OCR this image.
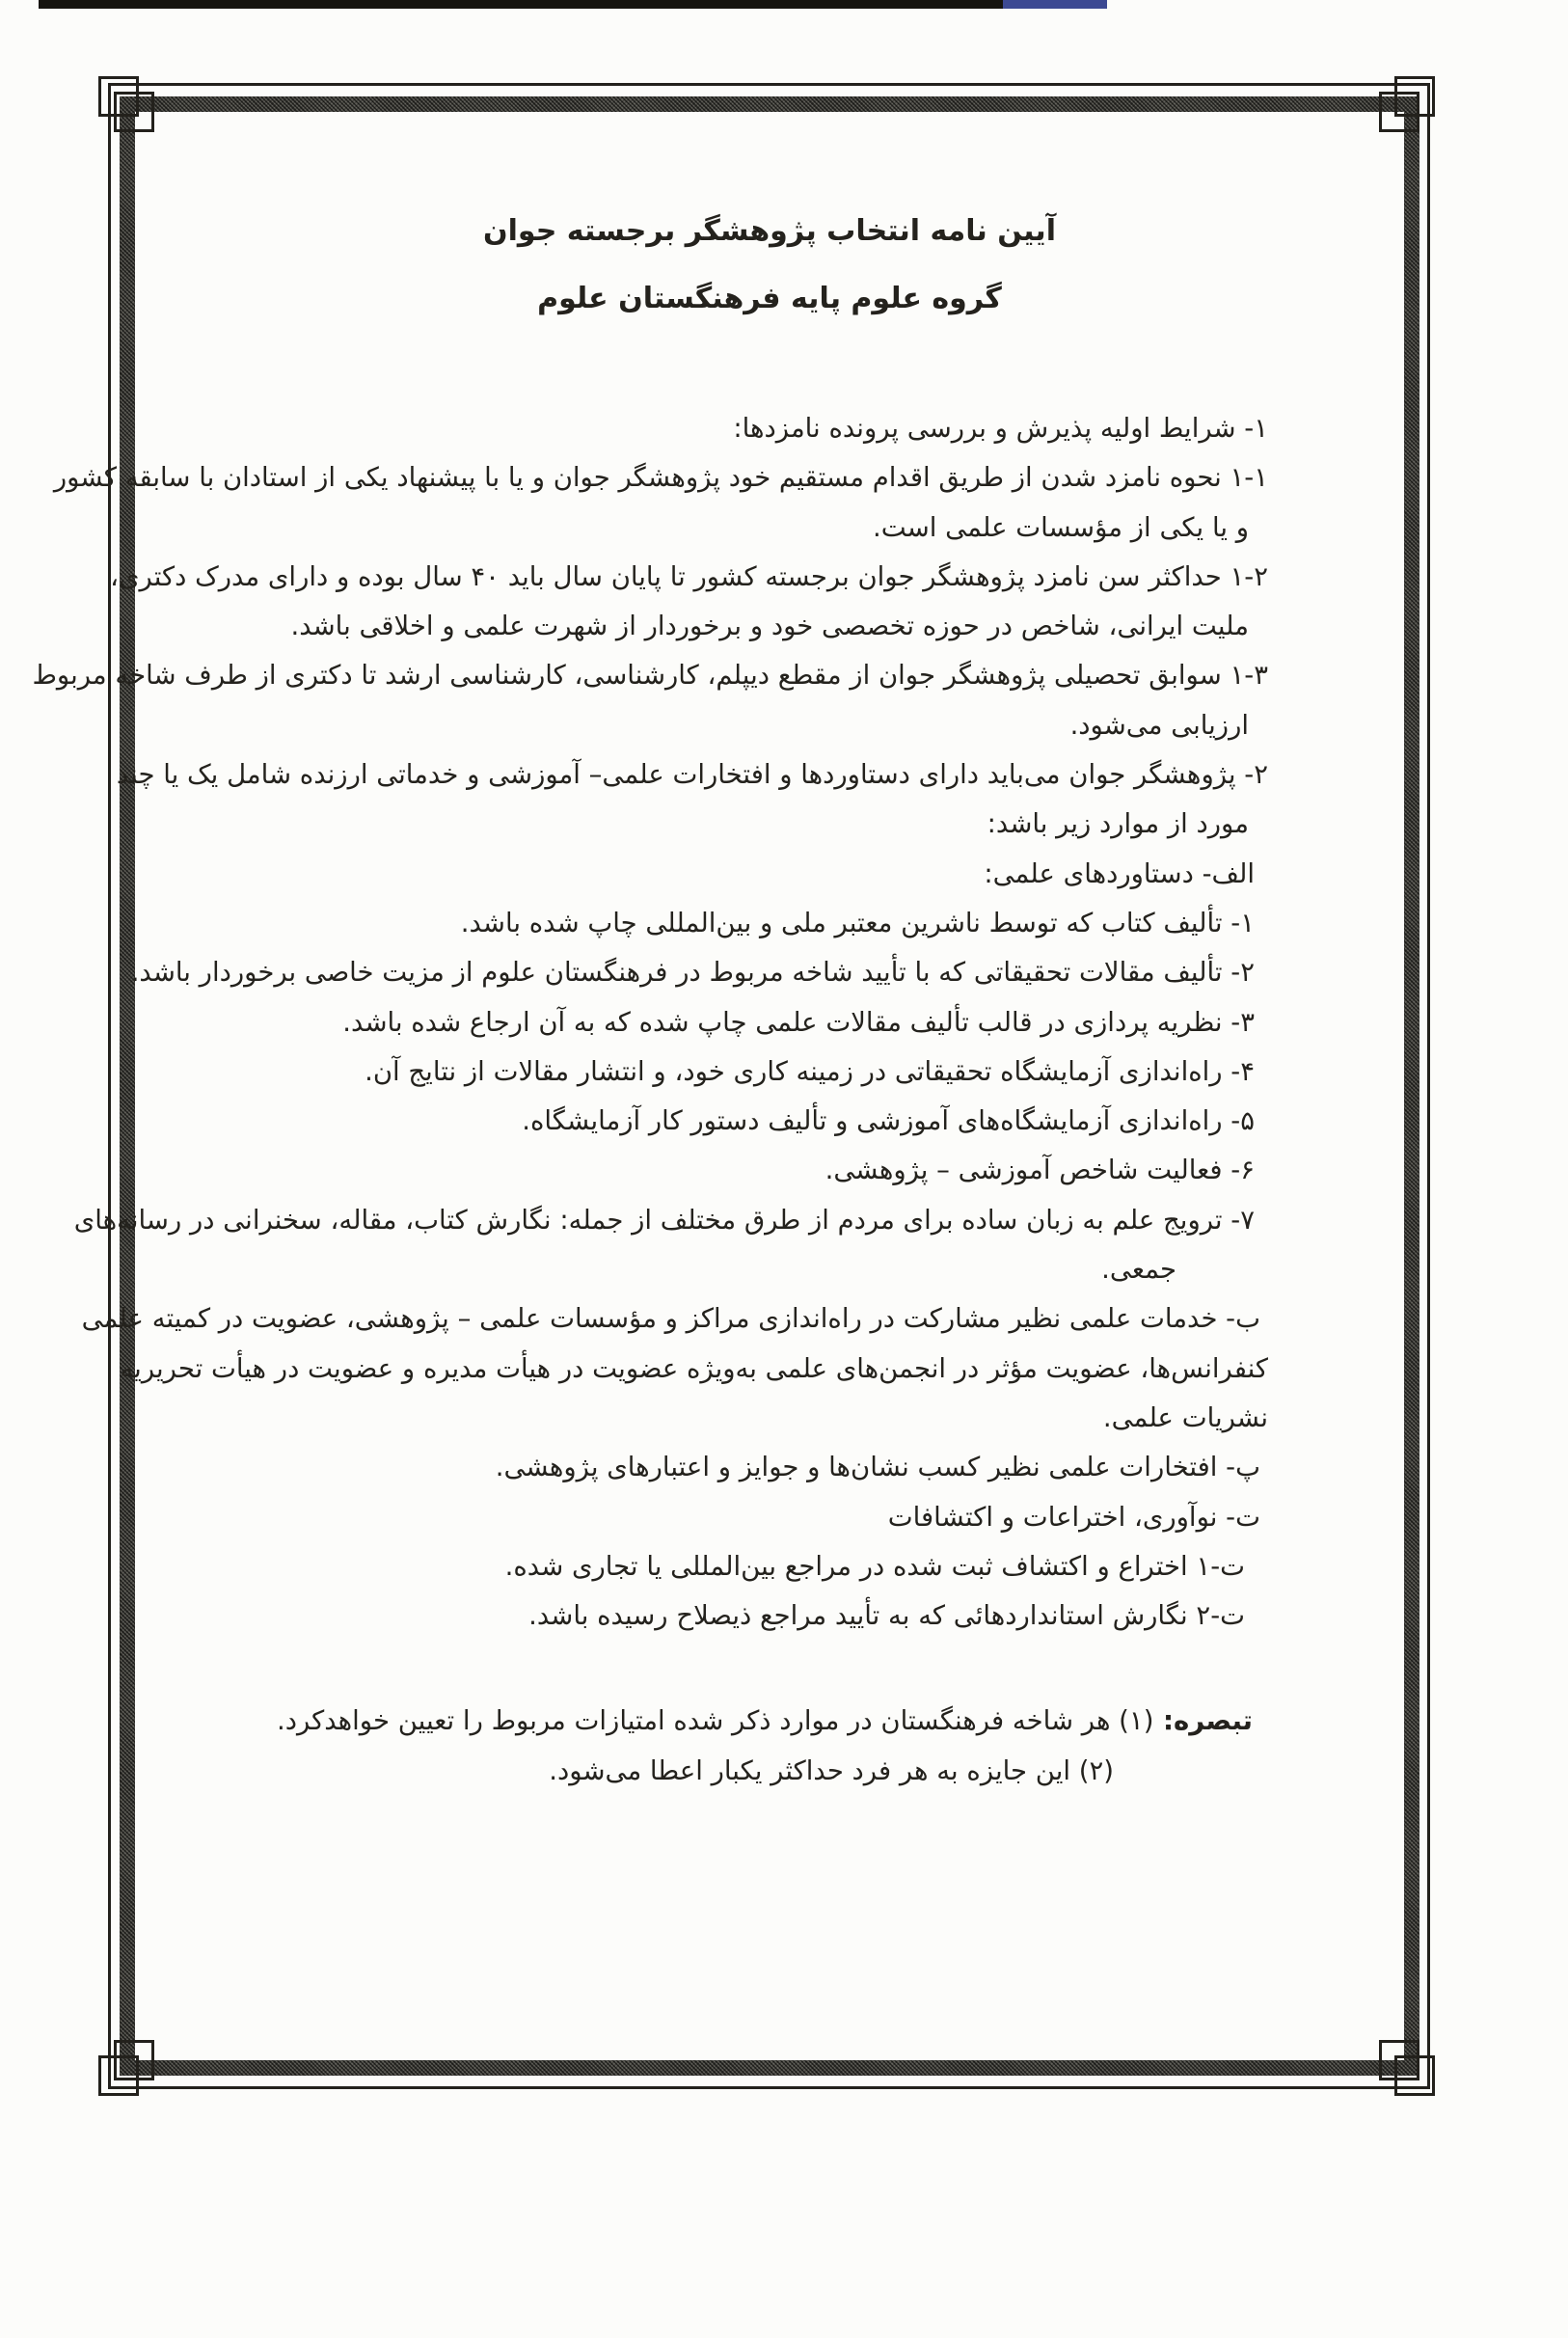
آیین نامه انتخاب پژوهشگر برجسته جوان
گروه علوم پایه فرهنگستان علوم
۱- شرایط اولیه پذیرش و بررسی پرونده نامزدها:
۱-۱ نحوه نامزد شدن از طریق اقدام مستقیم خود پژوهشگر جوان و یا با پیشنهاد یکی از استادان با سابقه کشور
و یا یکی از مؤسسات علمی است.
۱-۲ حداکثر سن نامزد پژوهشگر جوان برجسته کشور تا پایان سال باید ۴۰ سال بوده و دارای مدرک دکتری،
ملیت ایرانی، شاخص در حوزه تخصصی خود و برخوردار از شهرت علمی و اخلاقی باشد.
۱-۳ سوابق تحصیلی پژوهشگر جوان از مقطع دیپلم، کارشناسی، کارشناسی ارشد تا دکتری از طرف شاخه مربوط
ارزیابی می‌شود.
۲- پژوهشگر جوان می‌باید دارای دستاوردها و افتخارات علمی– آموزشی و خدماتی ارزنده شامل یک یا چند
مورد از موارد زیر باشد:
الف- دستاوردهای علمی:
۱- تألیف کتاب که توسط ناشرین معتبر ملی و بین‌المللی چاپ شده باشد.
۲- تألیف مقالات تحقیقاتی که با تأیید شاخه مربوط در فرهنگستان علوم از مزیت خاصی برخوردار باشد.
۳- نظریه پردازی در قالب تألیف مقالات علمی چاپ شده که به آن ارجاع شده باشد.
۴- راه‌اندازی آزمایشگاه تحقیقاتی در زمینه کاری خود، و انتشار مقالات از نتایج آن.
۵- راه‌اندازی آزمایشگاه‌های آموزشی و تألیف دستور کار آزمایشگاه.
۶- فعالیت شاخص آموزشی – پژوهشی.
۷- ترویج علم به زبان ساده برای مردم از طرق مختلف از جمله: نگارش کتاب، مقاله، سخنرانی در رسانه‌های
جمعی.
ب- خدمات علمی نظیر مشارکت در راه‌اندازی مراکز و مؤسسات علمی – پژوهشی، عضویت در کمیته علمی
کنفرانس‌ها، عضویت مؤثر در انجمن‌های علمی به‌ویژه عضویت در هیأت مدیره و عضویت در هیأت تحریریه
نشریات علمی.
پ- افتخارات علمی نظیر کسب نشان‌ها و جوایز و اعتبارهای پژوهشی.
ت- نوآوری، اختراعات و اکتشافات
ت-۱ اختراع و اکتشاف ثبت شده در مراجع بین‌المللی یا تجاری شده.
ت-۲ نگارش استانداردهائی که به تأیید مراجع ذیصلاح رسیده باشد.
تبصره: (۱) هر شاخه فرهنگستان در موارد ذکر شده امتیازات مربوط را تعیین خواهدکرد.
(۲) این جایزه به هر فرد حداکثر یکبار اعطا می‌شود.
